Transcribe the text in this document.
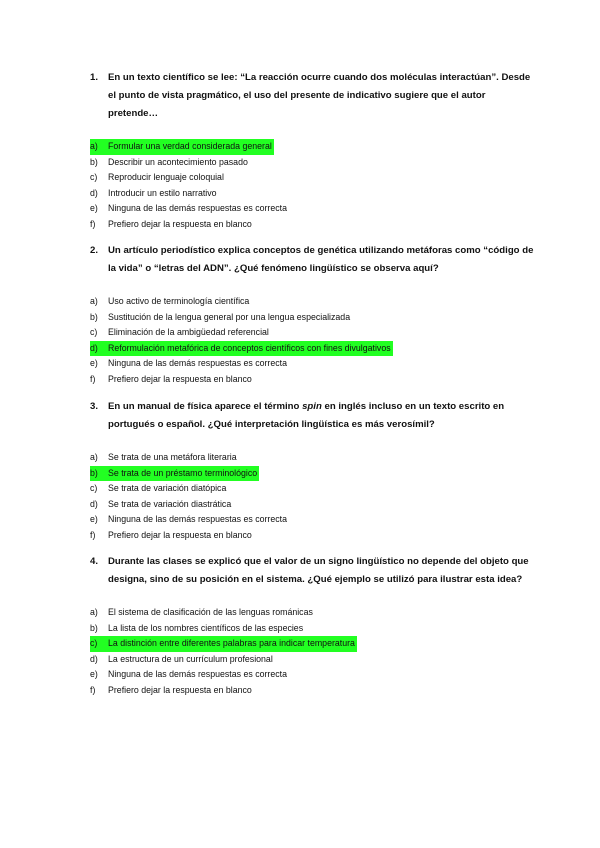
1.	En un texto científico se lee: “La reacción ocurre cuando dos moléculas interactúan”. Desde el punto de vista pragmático, el uso del presente de indicativo sugiere que el autor pretende…
a)	Formular una verdad considerada general
b)	Describir un acontecimiento pasado
c)	Reproducir lenguaje coloquial
d)	Introducir un estilo narrativo
e)	Ninguna de las demás respuestas es correcta
f)	Prefiero dejar la respuesta en blanco
2.	Un artículo periodístico explica conceptos de genética utilizando metáforas como “código de la vida” o “letras del ADN”. ¿Qué fenómeno lingüístico se observa aquí?
a)	Uso activo de terminología científica
b)	Sustitución de la lengua general por una lengua especializada
c)	Eliminación de la ambigüedad referencial
d)	Reformulación metafórica de conceptos científicos con fines divulgativos
e)	Ninguna de las demás respuestas es correcta
f)	Prefiero dejar la respuesta en blanco
3.	En un manual de física aparece el término spin en inglés incluso en un texto escrito en portugués o español. ¿Qué interpretación lingüística es más verosímil?
a)	Se trata de una metáfora literaria
b)	Se trata de un préstamo terminológico
c)	Se trata de variación diatópica
d)	Se trata de variación diastrática
e)	Ninguna de las demás respuestas es correcta
f)	Prefiero dejar la respuesta en blanco
4.	Durante las clases se explicó que el valor de un signo lingüístico no depende del objeto que designa, sino de su posición en el sistema. ¿Qué ejemplo se utilizó para ilustrar esta idea?
a)	El sistema de clasificación de las lenguas románicas
b)	La lista de los nombres científicos de las especies
c)	La distinción entre diferentes palabras para indicar temperatura
d)	La estructura de un currículum profesional
e)	Ninguna de las demás respuestas es correcta
f)	Prefiero dejar la respuesta en blanco
